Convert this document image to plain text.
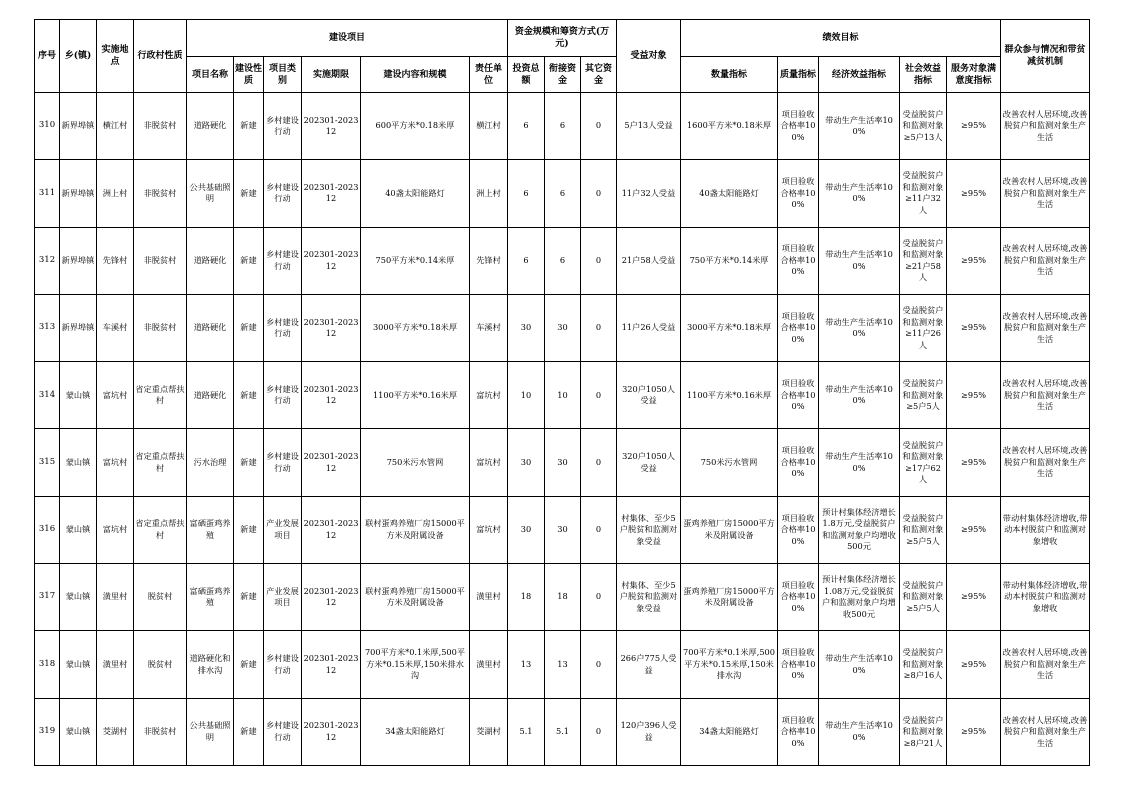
序号	乡(镇)	实施地点	行政村性质	建设项目						资金规模和筹资方式(万元)			受益对象	绩效目标					群众参与情况和带贫减贫机制
				项目名称	建设性质	项目类别	实施期限	建设内容和规模	责任单位	投资总额	衔接资金	其它资金		数量指标	质量指标	经济效益指标	社会效益指标	服务对象满意度指标	
310	新界埠镇	横江村	非脱贫村	道路硬化	新建	乡村建设行动	202301-202312	600平方米*0.18米厚	横江村	6	6	0	5户13人受益	1600平方米*0.18米厚	项目验收合格率100%	带动生产生活率100%	受益脱贫户和监测对象≥5户13人	≥95%	改善农村人居环境,改善脱贫户和监测对象生产生活
311	新界埠镇	洲上村	非脱贫村	公共基础照明	新建	乡村建设行动	202301-202312	40盏太阳能路灯	洲上村	6	6	0	11户32人受益	40盏太阳能路灯	项目验收合格率100%	带动生产生活率100%	受益脱贫户和监测对象≥11户32人	≥95%	改善农村人居环境,改善脱贫户和监测对象生产生活
312	新界埠镇	先锋村	非脱贫村	道路硬化	新建	乡村建设行动	202301-202312	750平方米*0.14米厚	先锋村	6	6	0	21户58人受益	750平方米*0.14米厚	项目验收合格率100%	带动生产生活率100%	受益脱贫户和监测对象≥21户58人	≥95%	改善农村人居环境,改善脱贫户和监测对象生产生活
313	新界埠镇	车溪村	非脱贫村	道路硬化	新建	乡村建设行动	202301-202312	3000平方米*0.18米厚	车溪村	30	30	0	11户26人受益	3000平方米*0.18米厚	项目验收合格率100%	带动生产生活率100%	受益脱贫户和监测对象≥11户26人	≥95%	改善农村人居环境,改善脱贫户和监测对象生产生活
314	蒙山镇	富坑村	省定重点帮扶村	道路硬化	新建	乡村建设行动	202301-202312	1100平方米*0.16米厚	富坑村	10	10	0	320户1050人受益	1100平方米*0.16米厚	项目验收合格率100%	带动生产生活率100%	受益脱贫户和监测对象≥5户5人	≥95%	改善农村人居环境,改善脱贫户和监测对象生产生活
315	蒙山镇	富坑村	省定重点帮扶村	污水治理	新建	乡村建设行动	202301-202312	750米污水管网	富坑村	30	30	0	320户1050人受益	750米污水管网	项目验收合格率100%	带动生产生活率100%	受益脱贫户和监测对象≥17户62人	≥95%	改善农村人居环境,改善脱贫户和监测对象生产生活
316	蒙山镇	富坑村	省定重点帮扶村	富硒蛋鸡养殖	新建	产业发展项目	202301-202312	联村蛋鸡养殖厂房15000平方米及附属设备	富坑村	30	30	0	村集体、至少5户脱贫和监测对象受益	蛋鸡养殖厂房15000平方米及附属设备	项目验收合格率100%	预计村集体经济增长1.8万元,受益脱贫户和监测对象户均增收500元	受益脱贫户和监测对象≥5户5人	≥95%	带动村集体经济增收,带动本村脱贫户和监测对象增收
317	蒙山镇	潢里村	脱贫村	富硒蛋鸡养殖	新建	产业发展项目	202301-202312	联村蛋鸡养殖厂房15000平方米及附属设备	潢里村	18	18	0	村集体、至少5户脱贫和监测对象受益	蛋鸡养殖厂房15000平方米及附属设备	项目验收合格率100%	预计村集体经济增长1.08万元,受益脱贫户和监测对象户均增收500元	受益脱贫户和监测对象≥5户5人	≥95%	带动村集体经济增收,带动本村脱贫户和监测对象增收
318	蒙山镇	潢里村	脱贫村	道路硬化和排水沟	新建	乡村建设行动	202301-202312	700平方米*0.1米厚,500平方米*0.15米厚,150米排水沟	潢里村	13	13	0	266户775人受益	700平方米*0.1米厚,500平方米*0.15米厚,150米排水沟	项目验收合格率100%	带动生产生活率100%	受益脱贫户和监测对象≥8户16人	≥95%	改善农村人居环境,改善脱贫户和监测对象生产生活
319	蒙山镇	茭湖村	非脱贫村	公共基础照明	新建	乡村建设行动	202301-202312	34盏太阳能路灯	茭湖村	5.1	5.1	0	120户396人受益	34盏太阳能路灯	项目验收合格率100%	带动生产生活率100%	受益脱贫户和监测对象≥8户21人	≥95%	改善农村人居环境,改善脱贫户和监测对象生产生活
